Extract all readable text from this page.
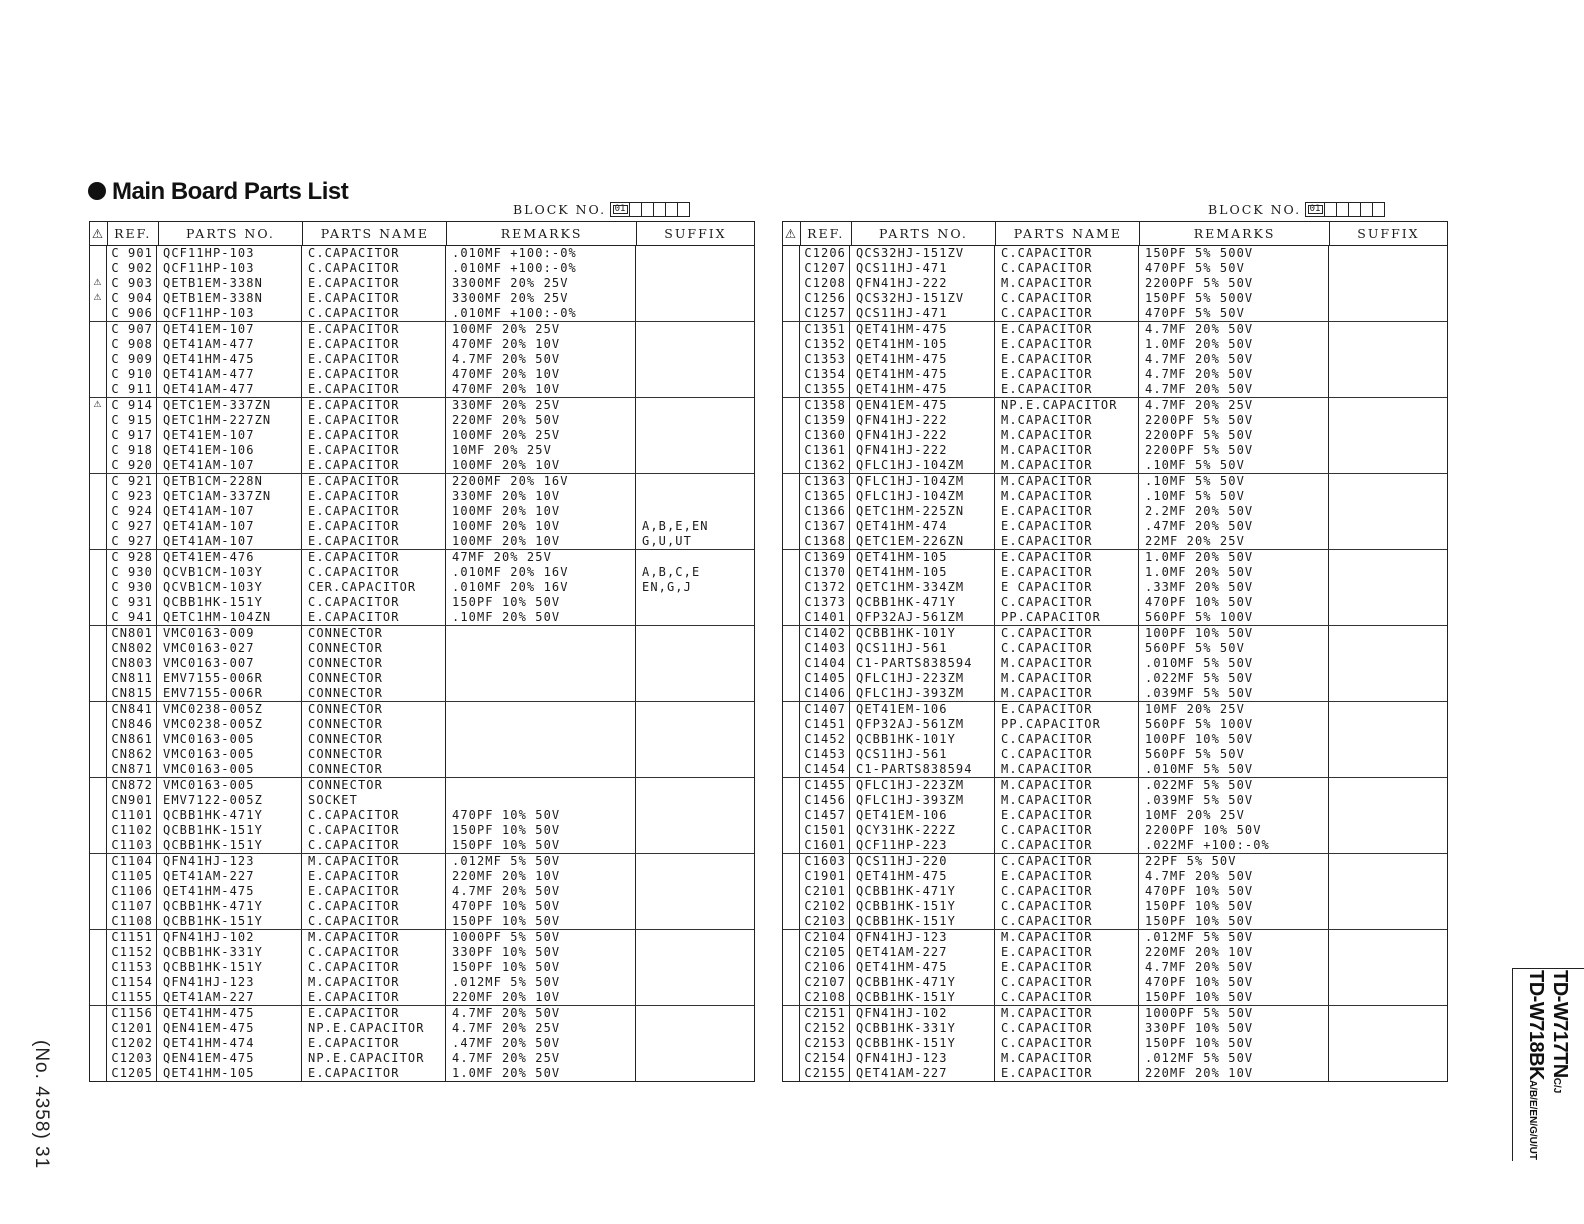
Main Board Parts List
BLOCK NO. 01	BLOCK NO. 01
⚠ REF.	PARTS NO.	PARTS NAME	REMARKS	SUFFIX
C 901 QCF11HP-103	C.CAPACITOR	.010MF +100:-0%
C 902 QCF11HP-103	C.CAPACITOR	.010MF +100:-0%
⚠ C 903 QETB1EM-338N	E.CAPACITOR	3300MF 20% 25V
⚠ C 904 QETB1EM-338N	E.CAPACITOR	3300MF 20% 25V
C 906 QCF11HP-103	C.CAPACITOR	.010MF +100:-0%
C 907 QET41EM-107	E.CAPACITOR	100MF 20% 25V
C 908 QET41AM-477	E.CAPACITOR	470MF 20% 10V
C 909 QET41HM-475	E.CAPACITOR	4.7MF 20% 50V
C 910 QET41AM-477	E.CAPACITOR	470MF 20% 10V
C 911 QET41AM-477	E.CAPACITOR	470MF 20% 10V
⚠ C 914 QETC1EM-337ZN	E.CAPACITOR	330MF 20% 25V
C 915 QETC1HM-227ZN	E.CAPACITOR	220MF 20% 50V
C 917 QET41EM-107	E.CAPACITOR	100MF 20% 25V
C 918 QET41EM-106	E.CAPACITOR	10MF 20% 25V
C 920 QET41AM-107	E.CAPACITOR	100MF 20% 10V
C 921 QETB1CM-228N	E.CAPACITOR	2200MF 20% 16V
C 923 QETC1AM-337ZN	E.CAPACITOR	330MF 20% 10V
C 924 QET41AM-107	E.CAPACITOR	100MF 20% 10V
C 927 QET41AM-107	E.CAPACITOR	100MF 20% 10V	A,B,E,EN
C 927 QET41AM-107	E.CAPACITOR	100MF 20% 10V	G,U,UT
C 928 QET41EM-476	E.CAPACITOR	47MF 20% 25V
C 930 QCVB1CM-103Y	C.CAPACITOR	.010MF 20% 16V	A,B,C,E
C 930 QCVB1CM-103Y	CER.CAPACITOR	.010MF 20% 16V	EN,G,J
C 931 QCBB1HK-151Y	C.CAPACITOR	150PF 10% 50V
C 941 QETC1HM-104ZN	E.CAPACITOR	.10MF 20% 50V
CN801 VMC0163-009	CONNECTOR
CN802 VMC0163-027	CONNECTOR
CN803 VMC0163-007	CONNECTOR
CN811 EMV7155-006R	CONNECTOR
CN815 EMV7155-006R	CONNECTOR
CN841 VMC0238-005Z	CONNECTOR
CN846 VMC0238-005Z	CONNECTOR
CN861 VMC0163-005	CONNECTOR
CN862 VMC0163-005	CONNECTOR
CN871 VMC0163-005	CONNECTOR
CN872 VMC0163-005	CONNECTOR
CN901 EMV7122-005Z	SOCKET
C1101 QCBB1HK-471Y	C.CAPACITOR	470PF 10% 50V
C1102 QCBB1HK-151Y	C.CAPACITOR	150PF 10% 50V
C1103 QCBB1HK-151Y	C.CAPACITOR	150PF 10% 50V
C1104 QFN41HJ-123	M.CAPACITOR	.012MF 5% 50V
C1105 QET41AM-227	E.CAPACITOR	220MF 20% 10V
C1106 QET41HM-475	E.CAPACITOR	4.7MF 20% 50V
C1107 QCBB1HK-471Y	C.CAPACITOR	470PF 10% 50V
C1108 QCBB1HK-151Y	C.CAPACITOR	150PF 10% 50V
C1151 QFN41HJ-102	M.CAPACITOR	1000PF 5% 50V
C1152 QCBB1HK-331Y	C.CAPACITOR	330PF 10% 50V
C1153 QCBB1HK-151Y	C.CAPACITOR	150PF 10% 50V
C1154 QFN41HJ-123	M.CAPACITOR	.012MF 5% 50V
C1155 QET41AM-227	E.CAPACITOR	220MF 20% 10V
C1156 QET41HM-475	E.CAPACITOR	4.7MF 20% 50V
C1201 QEN41EM-475	NP.E.CAPACITOR	4.7MF 20% 25V
C1202 QET41HM-474	E.CAPACITOR	.47MF 20% 50V
C1203 QEN41EM-475	NP.E.CAPACITOR	4.7MF 20% 25V
C1205 QET41HM-105	E.CAPACITOR	1.0MF 20% 50V
⚠ REF.	PARTS NO.	PARTS NAME	REMARKS	SUFFIX
C1206 QCS32HJ-151ZV	C.CAPACITOR	150PF 5% 500V
C1207 QCS11HJ-471	C.CAPACITOR	470PF 5% 50V
C1208 QFN41HJ-222	M.CAPACITOR	2200PF 5% 50V
C1256 QCS32HJ-151ZV	C.CAPACITOR	150PF 5% 500V
C1257 QCS11HJ-471	C.CAPACITOR	470PF 5% 50V
C1351 QET41HM-475	E.CAPACITOR	4.7MF 20% 50V
C1352 QET41HM-105	E.CAPACITOR	1.0MF 20% 50V
C1353 QET41HM-475	E.CAPACITOR	4.7MF 20% 50V
C1354 QET41HM-475	E.CAPACITOR	4.7MF 20% 50V
C1355 QET41HM-475	E.CAPACITOR	4.7MF 20% 50V
C1358 QEN41EM-475	NP.E.CAPACITOR	4.7MF 20% 25V
C1359 QFN41HJ-222	M.CAPACITOR	2200PF 5% 50V
C1360 QFN41HJ-222	M.CAPACITOR	2200PF 5% 50V
C1361 QFN41HJ-222	M.CAPACITOR	2200PF 5% 50V
C1362 QFLC1HJ-104ZM	M.CAPACITOR	.10MF 5% 50V
C1363 QFLC1HJ-104ZM	M.CAPACITOR	.10MF 5% 50V
C1365 QFLC1HJ-104ZM	M.CAPACITOR	.10MF 5% 50V
C1366 QETC1HM-225ZN	E.CAPACITOR	2.2MF 20% 50V
C1367 QET41HM-474	E.CAPACITOR	.47MF 20% 50V
C1368 QETC1EM-226ZN	E.CAPACITOR	22MF 20% 25V
C1369 QET41HM-105	E.CAPACITOR	1.0MF 20% 50V
C1370 QET41HM-105	E.CAPACITOR	1.0MF 20% 50V
C1372 QETC1HM-334ZM	E CAPACITOR	.33MF 20% 50V
C1373 QCBB1HK-471Y	C.CAPACITOR	470PF 10% 50V
C1401 QFP32AJ-561ZM	PP.CAPACITOR	560PF 5% 100V
C1402 QCBB1HK-101Y	C.CAPACITOR	100PF 10% 50V
C1403 QCS11HJ-561	C.CAPACITOR	560PF 5% 50V
C1404 C1-PARTS838594	M.CAPACITOR	.010MF 5% 50V
C1405 QFLC1HJ-223ZM	M.CAPACITOR	.022MF 5% 50V
C1406 QFLC1HJ-393ZM	M.CAPACITOR	.039MF 5% 50V
C1407 QET41EM-106	E.CAPACITOR	10MF 20% 25V
C1451 QFP32AJ-561ZM	PP.CAPACITOR	560PF 5% 100V
C1452 QCBB1HK-101Y	C.CAPACITOR	100PF 10% 50V
C1453 QCS11HJ-561	C.CAPACITOR	560PF 5% 50V
C1454 C1-PARTS838594	M.CAPACITOR	.010MF 5% 50V
C1455 QFLC1HJ-223ZM	M.CAPACITOR	.022MF 5% 50V
C1456 QFLC1HJ-393ZM	M.CAPACITOR	.039MF 5% 50V
C1457 QET41EM-106	E.CAPACITOR	10MF 20% 25V
C1501 QCY31HK-222Z	C.CAPACITOR	2200PF 10% 50V
C1601 QCF11HP-223	C.CAPACITOR	.022MF +100:-0%
C1603 QCS11HJ-220	C.CAPACITOR	22PF 5% 50V
C1901 QET41HM-475	E.CAPACITOR	4.7MF 20% 50V
C2101 QCBB1HK-471Y	C.CAPACITOR	470PF 10% 50V
C2102 QCBB1HK-151Y	C.CAPACITOR	150PF 10% 50V
C2103 QCBB1HK-151Y	C.CAPACITOR	150PF 10% 50V
C2104 QFN41HJ-123	M.CAPACITOR	.012MF 5% 50V
C2105 QET41AM-227	E.CAPACITOR	220MF 20% 10V
C2106 QET41HM-475	E.CAPACITOR	4.7MF 20% 50V
C2107 QCBB1HK-471Y	C.CAPACITOR	470PF 10% 50V
C2108 QCBB1HK-151Y	C.CAPACITOR	150PF 10% 50V
C2151 QFN41HJ-102	M.CAPACITOR	1000PF 5% 50V
C2152 QCBB1HK-331Y	C.CAPACITOR	330PF 10% 50V
C2153 QCBB1HK-151Y	C.CAPACITOR	150PF 10% 50V
C2154 QFN41HJ-123	M.CAPACITOR	.012MF 5% 50V
C2155 QET41AM-227	E.CAPACITOR	220MF 20% 10V
(No. 4358) 31
TD-W717TNC/J
TD-W718BKA/B/E/EN/G/U/UT
